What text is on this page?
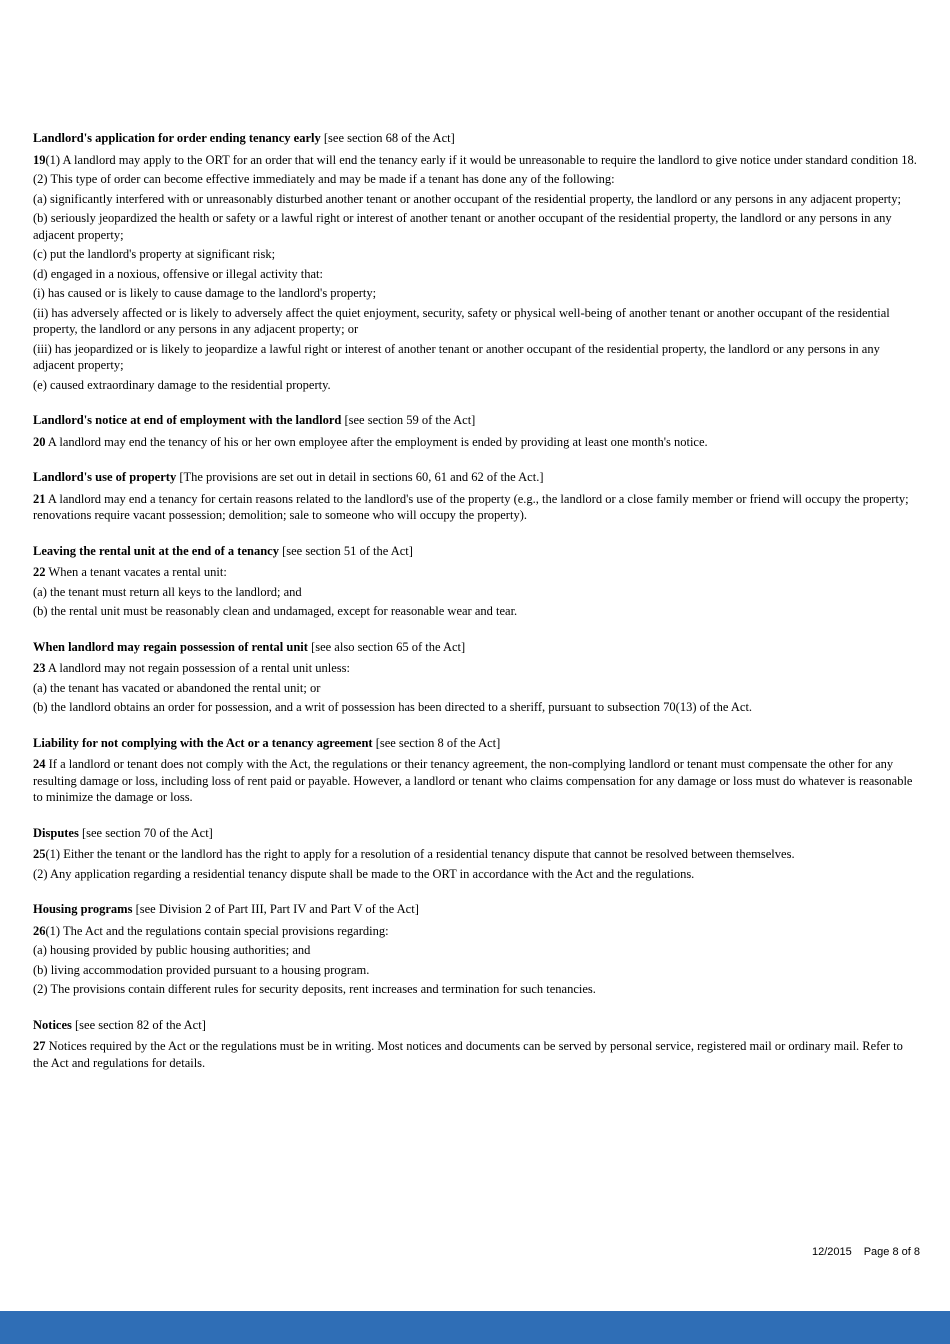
Landlord's application for order ending tenancy early [see section 68 of the Act]

19(1) A landlord may apply to the ORT for an order that will end the tenancy early if it would be unreasonable to require the landlord to give notice under standard condition 18.

(2) This type of order can become effective immediately and may be made if a tenant has done any of the following:

(a) significantly interfered with or unreasonably disturbed another tenant or another occupant of the residential property, the landlord or any persons in any adjacent property;

(b) seriously jeopardized the health or safety or a lawful right or interest of another tenant or another occupant of the residential property, the landlord or any persons in any adjacent property;

(c) put the landlord's property at significant risk;

(d) engaged in a noxious, offensive or illegal activity that:

(i) has caused or is likely to cause damage to the landlord's property;

(ii) has adversely affected or is likely to adversely affect the quiet enjoyment, security, safety or physical well-being of another tenant or another occupant of the residential property, the landlord or any persons in any adjacent property; or

(iii) has jeopardized or is likely to jeopardize a lawful right or interest of another tenant or another occupant of the residential property, the landlord or any persons in any adjacent property;

(e) caused extraordinary damage to the residential property.

Landlord's notice at end of employment with the landlord [see section 59 of the Act]

20 A landlord may end the tenancy of his or her own employee after the employment is ended by providing at least one month's notice.

Landlord's use of property [The provisions are set out in detail in sections 60, 61 and 62 of the Act.]

21 A landlord may end a tenancy for certain reasons related to the landlord's use of the property (e.g., the landlord or a close family member or friend will occupy the property; renovations require vacant possession; demolition; sale to someone who will occupy the property).

Leaving the rental unit at the end of a tenancy [see section 51 of the Act]

22 When a tenant vacates a rental unit:

(a) the tenant must return all keys to the landlord; and

(b) the rental unit must be reasonably clean and undamaged, except for reasonable wear and tear.

When landlord may regain possession of rental unit [see also section 65 of the Act]

23 A landlord may not regain possession of a rental unit unless:

(a) the tenant has vacated or abandoned the rental unit; or

(b) the landlord obtains an order for possession, and a writ of possession has been directed to a sheriff, pursuant to subsection 70(13) of the Act.

Liability for not complying with the Act or a tenancy agreement [see section 8 of the Act]

24 If a landlord or tenant does not comply with the Act, the regulations or their tenancy agreement, the non-complying landlord or tenant must compensate the other for any resulting damage or loss, including loss of rent paid or payable. However, a landlord or tenant who claims compensation for any damage or loss must do whatever is reasonable to minimize the damage or loss.

Disputes [see section 70 of the Act]

25(1) Either the tenant or the landlord has the right to apply for a resolution of a residential tenancy dispute that cannot be resolved between themselves.

(2) Any application regarding a residential tenancy dispute shall be made to the ORT in accordance with the Act and the regulations.

Housing programs [see Division 2 of Part III, Part IV and Part V of the Act]

26(1) The Act and the regulations contain special provisions regarding:

(a) housing provided by public housing authorities; and

(b) living accommodation provided pursuant to a housing program.

(2) The provisions contain different rules for security deposits, rent increases and termination for such tenancies.

Notices [see section 82 of the Act]

27 Notices required by the Act or the regulations must be in writing. Most notices and documents can be served by personal service, registered mail or ordinary mail. Refer to the Act and regulations for details.

12/2015 Page 8 of 8
